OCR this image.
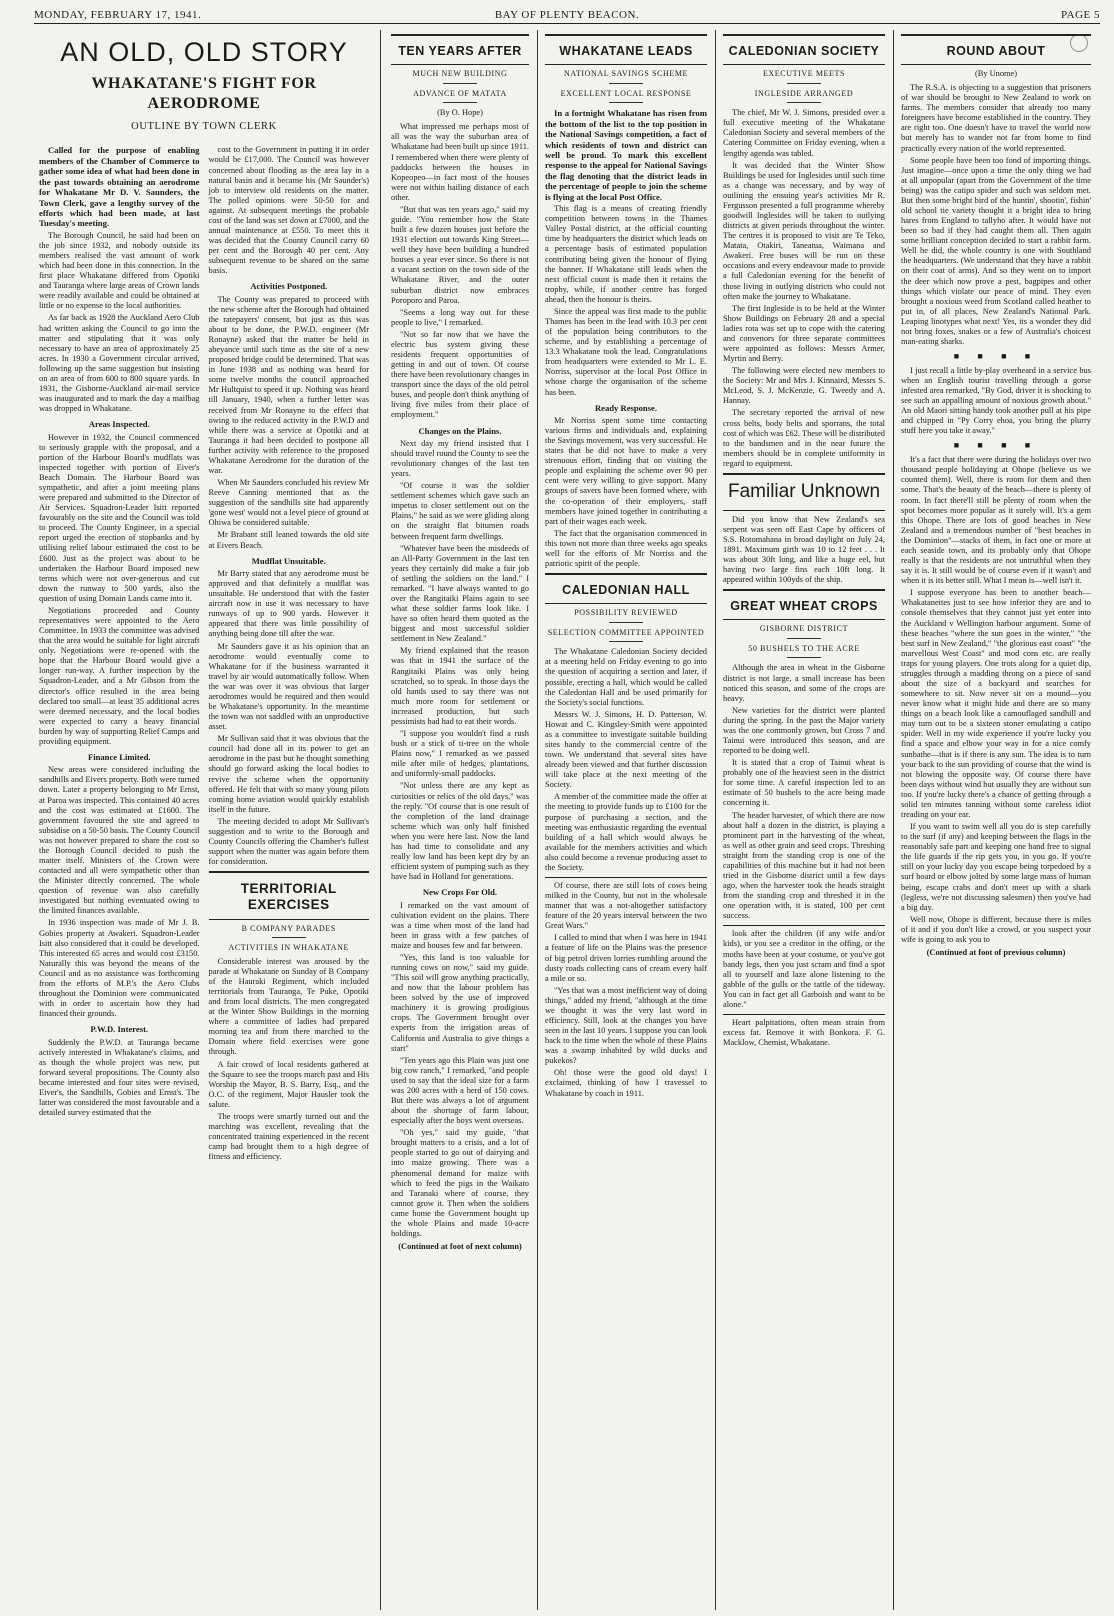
MONDAY, FEBRUARY 17, 1941.	BAY OF PLENTY BEACON.	PAGE 5
AN OLD, OLD STORY
WHAKATANE'S FIGHT FOR AERODROME
OUTLINE BY TOWN CLERK

Called for the purpose of enabling members of the Chamber of Commerce to gather some idea of what had been done in the past towards obtaining an aerodrome for Whakatane Mr D. V. Saunders, the Town Clerk, gave a lengthy survey of the efforts which had been made, at last Tuesday's meeting.

The Borough Council, he said had been on the job since 1932, and nobody outside its members realised the vast amount of work which had been done in this connection. In the first place Whakatane differed from Opotiki and Tauranga where large areas of Crown lands were readily available and could be obtained at little or no expense to the local authorities.

As far back as 1928 the Auckland Aero Club had written asking the Council to go into the matter and stipulating that it was only necessary to have an area of approximately 25 acres. In 1930 a Government circular arrived, following up the same suggestion but insisting on an area of from 600 to 800 square yards. In 1931, the Gisborne-Auckland air-mail service was inaugurated and to mark the day a mailbag was dropped in Whakatane.

Areas Inspected.

However in 1932, the Council commenced to seriously grapple with the proposal, and a portion of the Harbour Board's mudflats was inspected together with portion of Eiver's Beach Domain. The Harbour Board was sympathetic, and after a joint meeting plans were prepared and submitted to the Director of Air Services. Squadron-Leader Isitt reported favourably on the site and the Council was told to proceed. The County Engineer, in a special report urged the erection of stopbanks and by utilising relief labour estimated the cost to be £600. Just as the project was about to be undertaken the Harbour Board imposed new terms which were not over-generous and cut down the runway to 500 yards, also the question of using Domain Lands came into it.

Negotiations proceeded and County representatives were appointed to the Aero Committee. In 1933 the committee was advised that the area would be suitable for light aircraft only. Negotiations were re-opened with the hope that the Harbour Board would give a longer run-way. A further inspection by the Squadron-Leader, and a Mr Gibson from the director's office resulted in the area being declared too small—at least 35 additional acres were deemed necessary, and the local bodies were expected to carry a heavy financial burden by way of supporting Relief Camps and providing equipment.

Finance Limited.

New areas were considered including the sandhills and Eivers property. Both were turned down. Later a property belonging to Mr Ernst, at Paroa was inspected. This contained 40 acres and the cost was estimated at £1600. The government favoured the site and agreed to subsidise on a 50-50 basis. The County Council was not however prepared to share the cost so the Borough Council decided to push the matter itself. Ministers of the Crown were contacted and all were sympathetic other than the Minister directly concerned. The whole question of revenue was also carefully investigated but nothing eventuated owing to the limited finances available.

In 1936 inspection was made of Mr J. B. Gobies property at Awakeri. Squadron-Leader Isitt also considered that it could be developed. This interested 65 acres and would cost £3150. Naturally this was beyond the means of the Council and as no assistance was forthcoming from the efforts of M.P.'s the Aero Clubs throughout the Dominion were communicated with in order to ascertain how they had financed their grounds.

P.W.D. Interest.

Suddenly the P.W.D. at Tauranga became actively interested in Whakatane's claims, and as though the whole project was new, put forward several propositions. The County also became interested and four sites were revised, Eiver's, the Sandhills, Gobies and Ernst's. The latter was considered the most favourable and a detailed survey estimated that the

cost to the Government in putting it in order would be £17,000. The Council was however concerned about flooding as the area lay in a natural basin and it became his (Mr Saunder's) job to interview old residents on the matter. The polled opinions were 50-50 for and against. At subsequent meetings the probable cost of the land was set down at £7000, and the annual maintenance at £550. To meet this it was decided that the County Council carry 60 per cent and the Borough 40 per cent. Any subsequent revenue to be shared on the same basis.

Activities Postponed.

The County was prepared to proceed with the new scheme after the Borough had obtained the ratepayers' consent, but just as this was about to be done, the P.W.D. engineer (Mr Ronayne) asked that the matter be held in abeyance until such time as the site of a new proposed bridge could be determined. That was in June 1938 and as nothing was heard for some twelve months the council approached Mr Hultquist to speed it up. Nothing was heard till January, 1940, when a further letter was received from Mr Ronayne to the effect that owing to the reduced activity in the P.W.D and while there was a service at Opotiki and at Tauranga it had been decided to postpone all further activity with reference to the proposed Whakatane Aerodrome for the duration of the war.

When Mr Saunders concluded his review Mr Reeve Canning mentioned that as the suggestion of the sandhills site had apparently 'gone west' would not a level piece of ground at Ohiwa be considered suitable.

Mr Brabant still leaned towards the old site at Eivers Beach.

Mudflat Unsuitable.

Mr Barry stated that any aerodrome must be approved and that definitely a mudflat was unsuitable. He understood that with the faster aircraft now in use it was necessary to have runways of up to 900 yards. However it appeared that there was little possibility of anything being done till after the war.

Mr Saunders gave it as his opinion that an aerodrome would eventually come to Whakatane for if the business warranted it travel by air would automatically follow. When the war was over it was obvious that larger aerodromes would be required and then would be Whakatane's opportunity. In the meantime the town was not saddled with an unproductive asset.

Mr Sullivan said that it was obvious that the council had done all in its power to get an aerodrome in the past but he thought something should go forward asking the local bodies to revive the scheme when the opportunity offered. He felt that with so many young pilots coming home aviation would quickly establish itself in the future.

The meeting decided to adopt Mr Sullivan's suggestion and to write to the Borough and County Councils offering the Chamber's fullest support when the matter was again before them for consideration.

TERRITORIAL EXERCISES
B COMPANY PARADES
ACTIVITIES IN WHAKATANE

Considerable interest was aroused by the parade at Whakatane on Sunday of B Company of the Hauraki Regiment, which included territorials from Tauranga, Te Puke, Opotiki and from local districts. The men congregated at the Winter Show Buildings in the morning where a committee of ladies had prepared morning tea and from there marched to the Domain where field exercises were gone through.

A fair crowd of local residents gathered at the Square to see the troops march past and His Worship the Mayor, B. S. Barry, Esq., and the O.C. of the regiment, Major Hausler took the salute.

The troops were smartly turned out and the marching was excellent, revealing that the concentrated training experienced in the recent camp had brought them to a high degree of fitness and efficiency.

TEN YEARS AFTER
MUCH NEW BUILDING
ADVANCE OF MATATA
(By O. Hope)

What impressed me perhaps most of all was the way the suburban area of Whakatane had been built up since 1911. I remembered when there were plenty of paddocks between the houses in Kopeopeo—in fact most of the houses were not within hailing distance of each other.

"But that was ten years ago," said my guide. "You remember how the State built a few dozen houses just before the 1931 election out towards King Street—well they have been building a hundred houses a year ever since. So there is not a vacant section on the town side of the Whakatane River, and the outer suburban district now embraces Poroporo and Paroa.

"Seems a long way out for these people to live," I remarked.

"Not so far now that we have the electric bus system giving these residents frequent opportunities of getting in and out of town. Of course there have been revolutionary changes in transport since the days of the old petrol buses, and people don't think anything of living five miles from their place of employment."

Changes on the Plains.

Next day my friend insisted that I should travel round the County to see the revolutionary changes of the last ten years.

"Of course it was the soldier settlement schemes which gave such an impetus to closer settlement out on the Plains," he said as we were gliding along on the straight flat bitumen roads between frequent farm dwellings.

"Whatever have been the misdeeds of an All-Party Government in the last ten years they certainly did make a fair job of settling the soldiers on the land." I remarked. "I have always wanted to go over the Rangitaiki Plains again to see what these soldier farms look like. I have so often heard them quoted as the biggest and most successful soldier settlement in New Zealand."

My friend explained that the reason was that in 1941 the surface of the Rangitaiki Plains was only being scratched, so to speak. In those days the old hands used to say there was not much more room for settlement or increased production, but such pessimists had had to eat their words.

"I suppose you wouldn't find a rush bush or a stick of ti-tree on the whole Plains now," I remarked as we passed mile after mile of hedges, plantations, and uniformly-small paddocks.

"Not unless there are any kept as curiosities or relics of the old days," was the reply. "Of course that is one result of the completion of the land drainage scheme which was only half finished when you were here last. Now the land has had time to consolidate and any really low land has been kept dry by an efficient system of pumping such as they have had in Holland for generations.

New Crops For Old.

I remarked on the vast amount of cultivation evident on the plains. There was a time when most of the land had been in grass with a few patches of maize and houses few and far between.

"Yes, this land is too valuable for running cows on now," said my guide. "This soil will grow anything practically, and now that the labour problem has been solved by the use of improved machinery it is growing prodigious crops. The Government brought over experts from the irrigation areas of California and Australia to give things a start"

"Ten years ago this Plain was just one big cow ranch," I remarked, "and people used to say that the ideal size for a farm was 200 acres with a herd of 150 cows. But there was always a lot of argument about the shortage of farm labour, especially after the boys went overseas.

"Oh yes," said my guide, "that brought matters to a crisis, and a lot of people started to go out of dairying and into maize growing. There was a phenomenal demand for maize with which to feed the pigs in the Waikato and Taranaki where of course, they cannot grow it. Then when the soldiers came home the Government bought up the whole Plains and made 10-acre holdings.

(Continued at foot of next column)

WHAKATANE LEADS
NATIONAL SAVINGS SCHEME
EXCELLENT LOCAL RESPONSE

In a fortnight Whakatane has risen from the bottom of the list to the top position in the National Savings competition, a fact of which residents of town and district can well be proud. To mark this excellent response to the appeal for National Savings the flag denoting that the district leads in the percentage of people to join the scheme is flying at the local Post Office.

This flag is a means of creating friendly competition between towns in the Thames Valley Postal district, at the official counting time by headquarters the district which leads on a percentage basis of estimated population contributing being given the honour of flying the banner. If Whakatane still leads when the next official count is made then it retains the trophy, while, if another centre has forged ahead, then the honour is theirs.

Since the appeal was first made to the public Thames has been in the lead with 10.3 per cent of the population being contributors to the scheme, and by establishing a percentage of 13.3 Whakatane took the lead. Congratulations from headquarters were extended to Mr L. E. Norriss, supervisor at the local Post Office in whose charge the organisation of the scheme has been.

Ready Response.

Mr Norriss spent some time contacting various firms and individuals and, explaining the Savings movement, was very successful. He states that he did not have to make a very strenuous effort, finding that on visiting the people and explaining the scheme over 90 per cent were very willing to give support. Many groups of savers have been formed where, with the co-operation of their employers, staff members have joined together in contributing a part of their wages each week.

The fact that the organisation commenced in this town not more than three weeks ago speaks well for the efforts of Mr Norriss and the patriotic spirit of the people.

CALEDONIAN HALL
POSSIBILITY REVIEWED
SELECTION COMMITTEE APPOINTED

The Whakatane Caledonian Society decided at a meeting held on Friday evening to go into the question of acquiring a section and later, if possible, erecting a hall, which would be called the Caledonian Hall and be used primarily for the Society's social functions.

Messrs W. J. Simons, H. D. Patterson, W. Howat and C. Kingsley-Smith were appointed as a committee to investigate suitable building sites handy to the commercial centre of the town. We understand that several sites have already been viewed and that further discussion will take place at the next meeting of the Society.

A member of the committee made the offer at the meeting to provide funds up to £100 for the purpose of purchasing a section, and the meeting was enthusiastic regarding the eventual building of a hall which would always be available for the members activities and which also could become a revenue producing asset to the Society.

Of course, there are still lots of cows being milked in the County, but not in the wholesale manner that was a not-altogether satisfactory feature of the 20 years interval between the two Great Wars."

I called to mind that when I was here in 1941 a feature of life on the Plains was the presence of big petrol driven lorries rumbling around the dusty roads collecting cans of cream every half a mile or so.

"Yes that was a most inefficient way of doing things," added my friend, "although at the time we thought it was the very last word in efficiency. Still, look at the changes you have seen in the last 10 years. I suppose you can look back to the time when the whole of these Plains was a swamp inhabited by wild ducks and pukekos?

Oh! those were the good old days! I exclaimed, thinking of how I travessel to Whakatane by coach in 1911.

CALEDONIAN SOCIETY
EXECUTIVE MEETS
INGLESIDE ARRANGED

The chief, Mr W. J. Simons, presided over a full executive meeting of the Whakatane Caledonian Society and several members of the Catering Committee on Friday evening, when a lengthy agenda was tabled.

It was decided that the Winter Show Buildings be used for Inglesides until such time as a change was necessary, and by way of outlining the ensuing year's activities Mr R. Fergusson presented a full programme whereby goodwill Inglesides will be taken to outlying districts at given periods throughout the winter. The centres it is proposed to visit are Te Teko, Matata, Otakiri, Taneatua, Waimana and Awakeri. Free buses will be run on these occasions and every endeavour made to provide a full Caledonian evening for the benefit of those living in outlying districts who could not often make the journey to Whakatane.

The first Ingleside is to be held at the Winter Show Buildings on February 28 and a special ladies rota was set up to cope with the catering and convenors for three separate committees were appointed as follows: Messrs Armer, Myrtin and Berry.

The following were elected new members to the Society: Mr and Mrs J. Kinnaird, Messrs S. McLeod, S. J. McKenzie, G. Tweedy and A. Hannay.

The secretary reported the arrival of new cross belts, body belts and sporrans, the total cost of which was £62. These will be distributed to the bandsmen and in the near future the members should be in complete uniformity in regard to equipment.

Familiar Unknown

Did you know that New Zealand's sea serpent was seen off East Cape by officers of S.S. Rotomahana in broad daylight on July 24, 1891. Maximum girth was 10 to 12 feet . . . It was about 30ft long, and like a huge eel, but having two large fins each 10ft long. It appeared within 100yds of the ship.

GREAT WHEAT CROPS
GISBORNE DISTRICT
50 BUSHELS TO THE ACRE

Although the area in wheat in the Gisborne district is not large, a small increase has been noticed this season, and some of the crops are heavy.

New varieties for the district were planted during the spring. In the past the Major variety was the one commonly grown, but Cross 7 and Tainui were introduced this season, and are reported to be doing well.

It is stated that a crop of Tainui wheat is probably one of the heaviest seen in the district for some time. A careful inspection led to an estimate of 50 bushels to the acre being made concerning it.

The header harvester, of which there are now about half a dozen in the district, is playing a prominent part in the harvesting of the wheat, as well as other grain and seed crops. Threshing straight from the standing crop is one of the capabilities of this machine but it had not been tried in the Gisborne district until a few days ago, when the harvester took the heads straight from the standing crop and threshed it in the one operation with, it is stated, 100 per cent success.

look after the children (if any wife and/or kids), or you see a creditor in the offing, or the moths have been at your costume, or you've got bandy legs, then you just scram and find a spot all to yourself and laze alone listening to the gabble of the gulls or the tattle of the tideway. You can in fact get all Garboish and want to be alone."

Heart palpitations, often mean strain from excess fat. Remove it with Bonkora. F. G. Macklow, Chemist, Whakatane.

ROUND ABOUT
(By Unome)

The R.S.A. is objecting to a suggestion that prisoners of war should be brought to New Zealand to work on farms. The members consider that already too many foreigners have become established in the country. They are right too. One doesn't have to travel the world now but merely has to wander not far from home to find practically every nation of the world represented.

Some people have been too fond of importing things. Just imagine—once upon a time the only thing we had at all unpopular (apart from the Government of the time being) was the catipo spider and such was seldom met. But then some bright bird of the huntin', shootin', fishin' old school tie variety thought it a bright idea to bring hares from England to tallyho after. It would have not been so bad if they had caught them all. Then again some brilliant conception decided to start a rabbit farm. Well he did, the whole country is one with Southland the headquarters. (We understand that they have a rabbit on their coat of arms). And so they went on to import the deer which now prove a pest, bagpipes and other things which violate our peace of mind. They even brought a noxious weed from Scotland called heather to put in, of all places, New Zealand's National Park. Leaping linotypes what next! Yes, its a wonder they did not bring foxes, snakes or a few of Australia's choicest man-eating sharks.

■ ■ ■ ■

I just recall a little by-play overheard in a service bus when an English tourist travelling through a gorse infested area remarked, "By God, driver it is shocking to see such an appalling amount of noxious growth about." An old Maori sitting handy took another pull at his pipe and chipped in "Py Corry ehoa, you bring the plurry stuff here you take it away."

■ ■ ■ ■

It's a fact that there were during the holidays over two thousand people holidaying at Ohope (believe us we counted them). Well, there is room for them and then some. That's the beauty of the beach—there is plenty of room. In fact there'll still be plenty of room when the spot becomes more popular as it surely will. It's a gem this Ohope. There are lots of good beaches in New Zealand and a tremendous number of "best beaches in the Dominion"—stacks of them, in fact one or more at each seaside town, and its probably only that Ohope really is that the residents are not untruthful when they say it is. It still would be of course even if it wasn't and when it is its better still. What I mean is—well isn't it.

I suppose everyone has been to another beach—Whakataneites just to see how inferior they are and to console themselves that they cannot just yet enter into the Auckland v Wellington harbour argument. Some of these beaches "where the sun goes in the winter," "the best surf in New Zealand," "the glorious east coast" "the marvellous West Coast" and mod cons etc. are really traps for young players. One trots along for a quiet dip, struggles through a madding throng on a piece of sand about the size of a backyard and searches for somewhere to sit. Now never sit on a mound—you never know what it might hide and there are so many things on a beach look like a camouflaged sandhill and may turn out to be a sixteen stoner emulating a catipo spider. Well in my wide experience if you're lucky you find a space and elbow your way in for a nice comfy sunbathe—that is if there is any sun. The idea is to turn your back to the sun providing of course that the wind is not blowing the opposite way. Of course there have been days without wind but usually they are without sun too. If you're lucky there's a chance of getting through a solid ten minutes tanning without some careless idiot treading on your ear.

If you want to swim well all you do is step carefully to the surf (if any) and keeping between the flags in the reasonably safe part and keeping one hand free to signal the life guards if the rip gets you, in you go. If you're still on your lucky day you escape being torpedoed by a surf board or elbow jolted by some large mass of human being, escape crabs and don't meet up with a shark (legless, we're not discussing salesmen) then you've had a big day.

Well now, Ohope is different, because there is miles of it and if you don't like a crowd, or you suspect your wife is going to ask you to

(Continued at foot of previous column)
